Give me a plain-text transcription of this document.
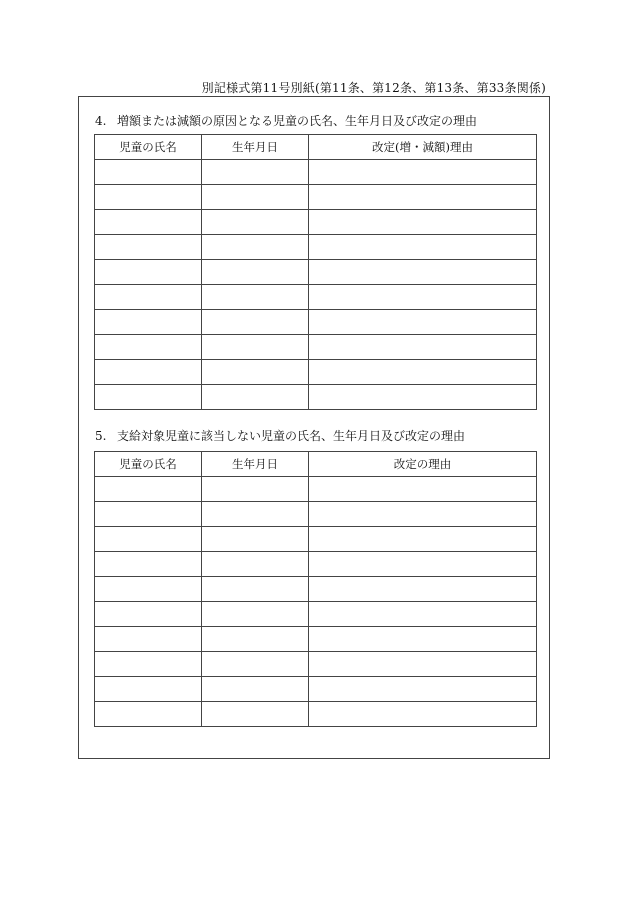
別記様式第11号別紙(第11条、第12条、第13条、第33条関係)
4. 増額または減額の原因となる児童の氏名、生年月日及び改定の理由
児童の氏名	生年月日	改定(増・減額)理由

5. 支給対象児童に該当しない児童の氏名、生年月日及び改定の理由
児童の氏名	生年月日	改定の理由
